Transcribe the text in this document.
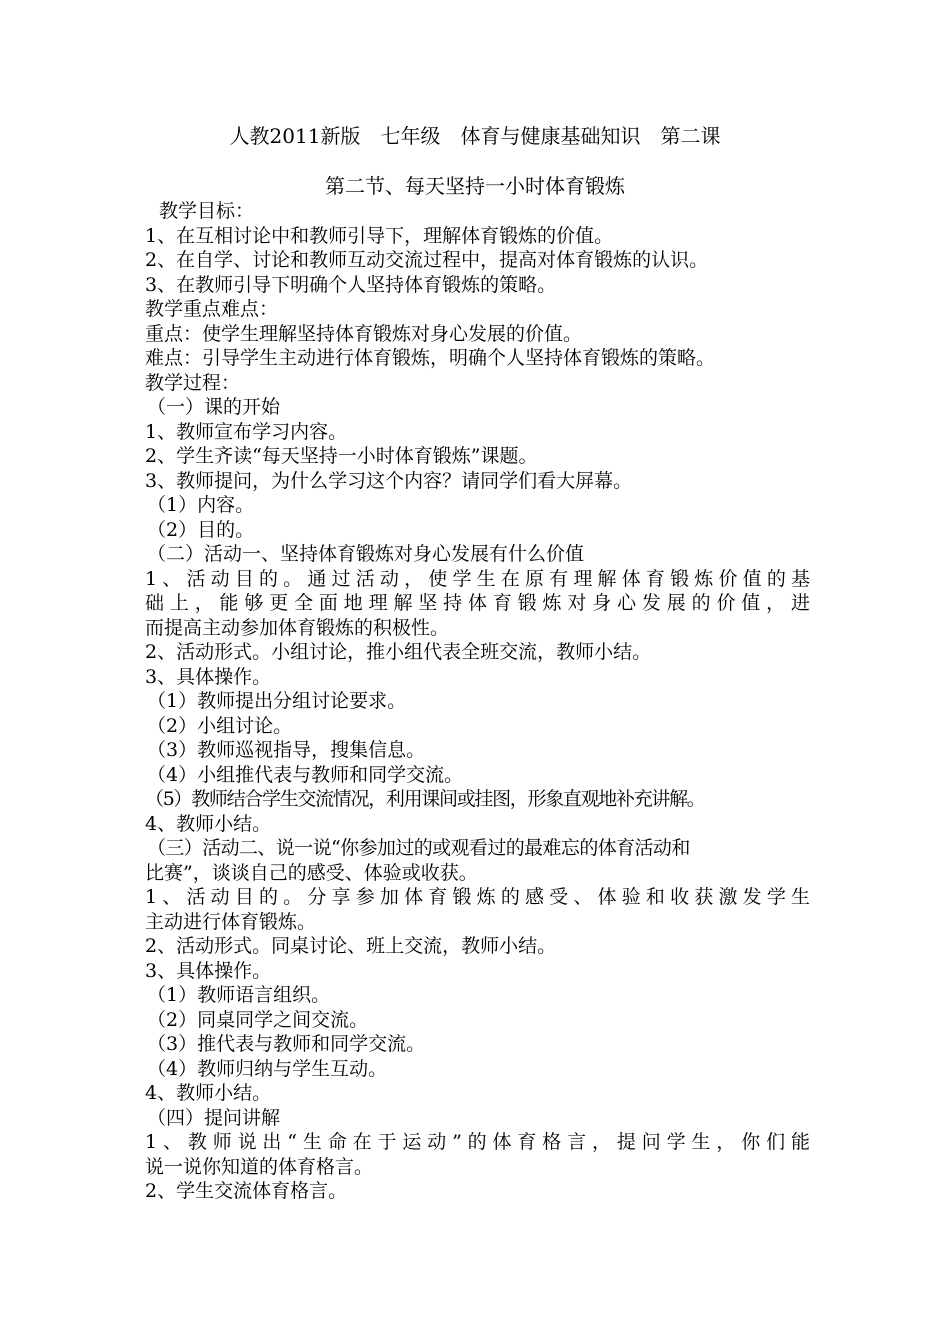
人教2011新版　七年级　体育与健康基础知识　第二课
第二节、每天坚持一小时体育锻炼
教学目标：
1、在互相讨论中和教师引导下，理解体育锻炼的价值。
2、在自学、讨论和教师互动交流过程中，提高对体育锻炼的认识。
3、在教师引导下明确个人坚持体育锻炼的策略。
教学重点难点：
重点：使学生理解坚持体育锻炼对身心发展的价值。
难点：引导学生主动进行体育锻炼，明确个人坚持体育锻炼的策略。
教学过程：
（一）课的开始
1、教师宣布学习内容。
2、学生齐读“每天坚持一小时体育锻炼”课题。
3、教师提问，为什么学习这个内容？请同学们看大屏幕。
（1）内容。
（2）目的。
（二）活动一、坚持体育锻炼对身心发展有什么价值
1、活动目的。通过活动，使学生在原有理解体育锻炼价值的基
础上，能够更全面地理解坚持体育锻炼对身心发展的价值，进
而提高主动参加体育锻炼的积极性。
2、活动形式。小组讨论，推小组代表全班交流，教师小结。
3、具体操作。
（1）教师提出分组讨论要求。
（2）小组讨论。
（3）教师巡视指导，搜集信息。
（4）小组推代表与教师和同学交流。
（5）教师结合学生交流情况，利用课间或挂图，形象直观地补充讲解。
4、教师小结。
（三）活动二、说一说“你参加过的或观看过的最难忘的体育活动和
比赛”，谈谈自己的感受、体验或收获。
1、活动目的。分享参加体育锻炼的感受、体验和收获激发学生
主动进行体育锻炼。
2、活动形式。同桌讨论、班上交流，教师小结。
3、具体操作。
（1）教师语言组织。
（2）同桌同学之间交流。
（3）推代表与教师和同学交流。
（4）教师归纳与学生互动。
4、教师小结。
（四）提问讲解
1、教师说出“生命在于运动”的体育格言，提问学生，你们能
说一说你知道的体育格言。
2、学生交流体育格言。
